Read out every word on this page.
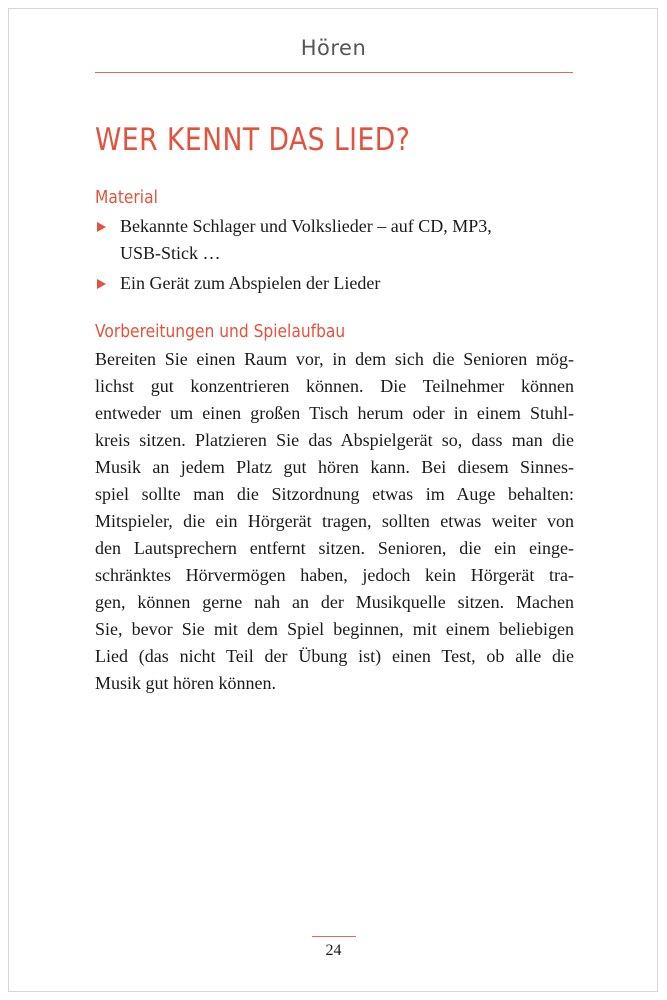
Hören
WER KENNT DAS LIED?
Material
Bekannte Schlager und Volkslieder – auf CD, MP3,
USB-Stick …
Ein Gerät zum Abspielen der Lieder
Vorbereitungen und Spielaufbau

Bereiten Sie einen Raum vor, in dem sich die Senioren mög-
lichst gut konzentrieren können. Die Teilnehmer können
entweder um einen großen Tisch herum oder in einem Stuhl-
kreis sitzen. Platzieren Sie das Abspielgerät so, dass man die
Musik an jedem Platz gut hören kann. Bei diesem Sinnes-
spiel sollte man die Sitzordnung etwas im Auge behalten:
Mitspieler, die ein Hörgerät tragen, sollten etwas weiter von
den Lautsprechern entfernt sitzen. Senioren, die ein einge-
schränktes Hörvermögen haben, jedoch kein Hörgerät tra-
gen, können gerne nah an der Musikquelle sitzen. Machen
Sie, bevor Sie mit dem Spiel beginnen, mit einem beliebigen
Lied (das nicht Teil der Übung ist) einen Test, ob alle die
Musik gut hören können.

24
